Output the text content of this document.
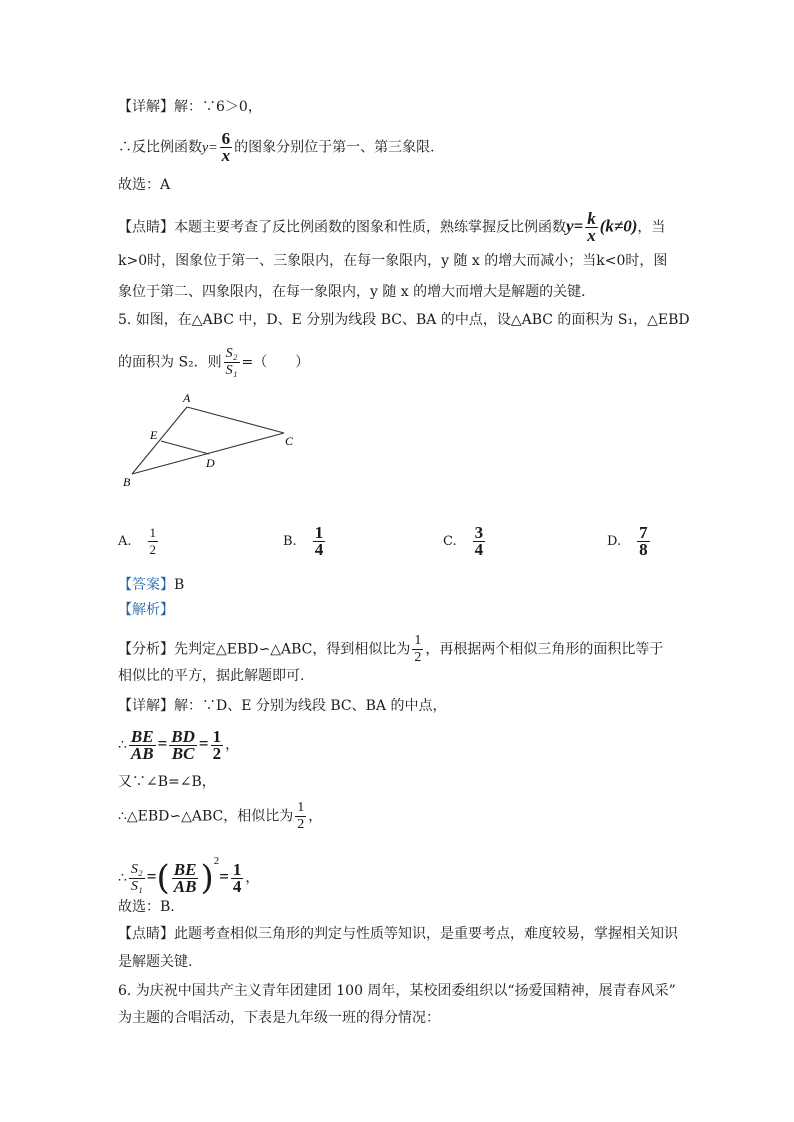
【详解】解：∵6＞0，
∴反比例函数$y= \frac{6}{x}$ 的图象分别位于第一、第三象限.
故选：A
【点睛】本题主要考查了反比例函数的图象和性质，熟练掌握反比例函数$y= \frac{k}{x} (k\ne 0)$，当
k>0时，图象位于第一、三象限内，在每一象限内，y 随 x 的增大而减小；当k<0时，图
象位于第二、四象限内，在每一象限内，y 随 x 的增大而增大是解题的关键.
5. 如图，在△ABC 中，D、E 分别为线段 BC、BA 的中点，设△ABC 的面积为 S₁，△EBD
的面积为 S₂．则 $\frac{\text{S₂}}{\text{S₁}}$ =（　　）
A
B
C
D
E
A. $\frac{1}{2}$	B. $\frac{1}{4}$	C. $\frac{3}{4}$	D. $\frac{7}{8}$
【答案】B
【解析】
【分析】先判定△EBD∽△ABC，得到相似比为 $\frac{1}{2}$ ，再根据两个相似三角形的面积比等于
相似比的平方，据此解题即可.
【详解】解：∵D、E 分别为线段 BC、BA 的中点，
∴ $\frac{BE}{AB} = \frac{BD}{BC} = \frac{1}{2}$ ，
又∵∠B=∠B，
∴△EBD∽△ABC，相似比为 $\frac{1}{2}$ ，
∴ $\frac{\text{S₂}}{\text{S₁}}$ =( $\frac{BE}{AB} )^2= \frac{1}{4}$ ，
故选：B.
【点睛】此题考查相似三角形的判定与性质等知识，是重要考点，难度较易，掌握相关知识
是解题关键.
6. 为庆祝中国共产主义青年团建团 100 周年，某校团委组织以“扬爱国精神，展青春风采”
为主题的合唱活动，下表是九年级一班的得分情况：
